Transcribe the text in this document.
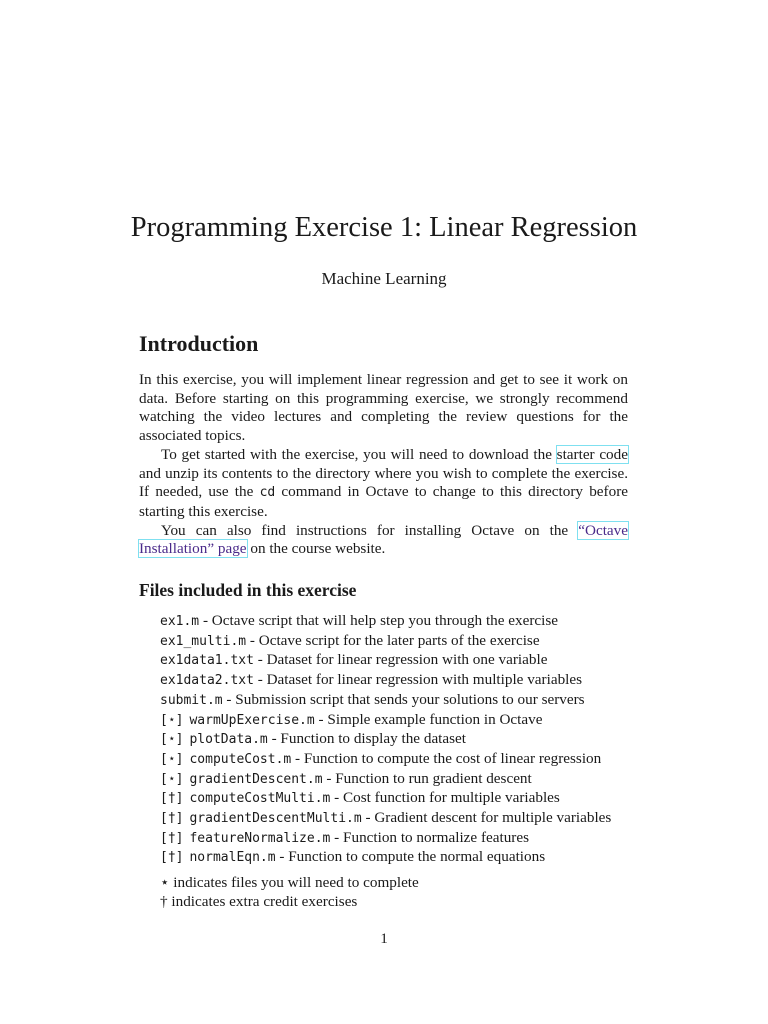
Programming Exercise 1: Linear Regression
Machine Learning
Introduction

In this exercise, you will implement linear regression and get to see it work on data. Before starting on this programming exercise, we strongly recommend watching the video lectures and completing the review questions for the associated topics.

To get started with the exercise, you will need to download the starter code and unzip its contents to the directory where you wish to complete the exercise. If needed, use the cd command in Octave to change to this directory before starting this exercise.

You can also find instructions for installing Octave on the “Octave Installation” page on the course website.

Files included in this exercise
ex1.m - Octave script that will help step you through the exercise
ex1_multi.m - Octave script for the later parts of the exercise
ex1data1.txt - Dataset for linear regression with one variable
ex1data2.txt - Dataset for linear regression with multiple variables
submit.m - Submission script that sends your solutions to our servers
[⋆] warmUpExercise.m - Simple example function in Octave
[⋆] plotData.m - Function to display the dataset
[⋆] computeCost.m - Function to compute the cost of linear regression
[⋆] gradientDescent.m - Function to run gradient descent
[†] computeCostMulti.m - Cost function for multiple variables
[†] gradientDescentMulti.m - Gradient descent for multiple variables
[†] featureNormalize.m - Function to normalize features
[†] normalEqn.m - Function to compute the normal equations
⋆ indicates files you will need to complete
† indicates extra credit exercises
1
